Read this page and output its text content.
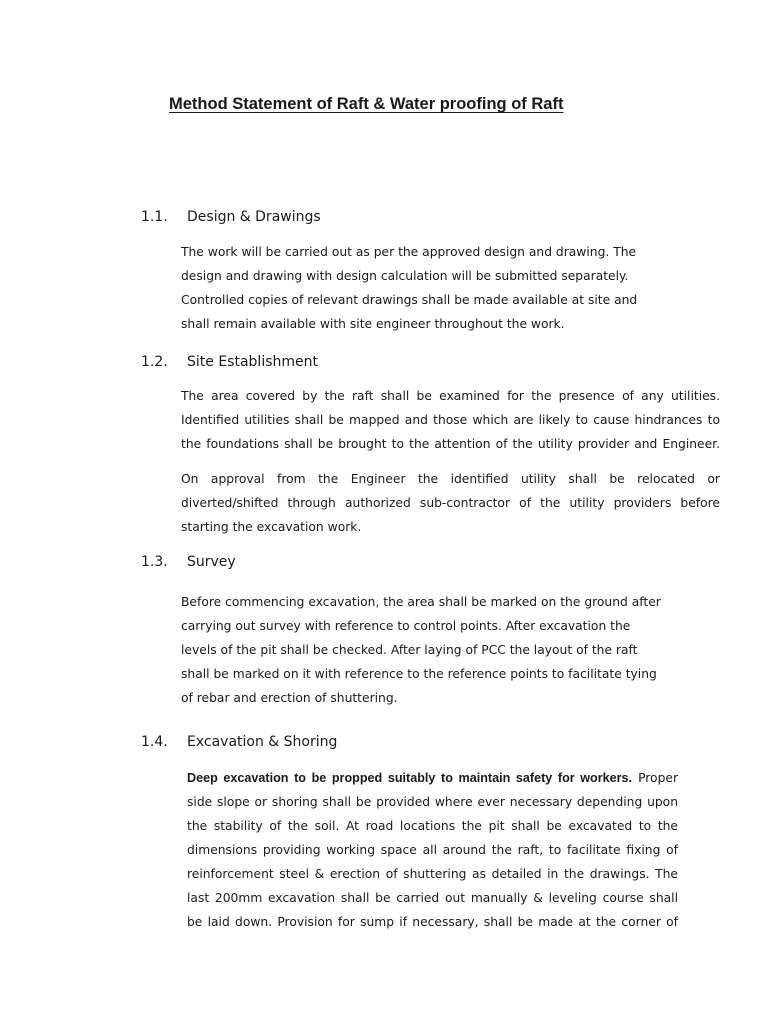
Method Statement of Raft & Water proofing of Raft
1.1. Design & Drawings
The work will be carried out as per the approved design and drawing. The
design and drawing with design calculation will be submitted separately.
Controlled copies of relevant drawings shall be made available at site and
shall remain available with site engineer throughout the work.
1.2. Site Establishment
The area covered by the raft shall be examined for the presence of any utilities.
Identified utilities shall be mapped and those which are likely to cause hindrances to
the foundations shall be brought to the attention of the utility provider and Engineer.
On approval from the Engineer the identified utility shall be relocated or
diverted/shifted through authorized sub-contractor of the utility providers before
starting the excavation work.
1.3. Survey
Before commencing excavation, the area shall be marked on the ground after
carrying out survey with reference to control points. After excavation the
levels of the pit shall be checked. After laying of PCC the layout of the raft
shall be marked on it with reference to the reference points to facilitate tying
of rebar and erection of shuttering.
1.4. Excavation & Shoring
Deep excavation to be propped suitably to maintain safety for workers. Proper
side slope or shoring shall be provided where ever necessary depending upon
the stability of the soil. At road locations the pit shall be excavated to the
dimensions providing working space all around the raft, to facilitate fixing of
reinforcement steel & erection of shuttering as detailed in the drawings. The
last 200mm excavation shall be carried out manually & leveling course shall
be laid down. Provision for sump if necessary, shall be made at the corner of
